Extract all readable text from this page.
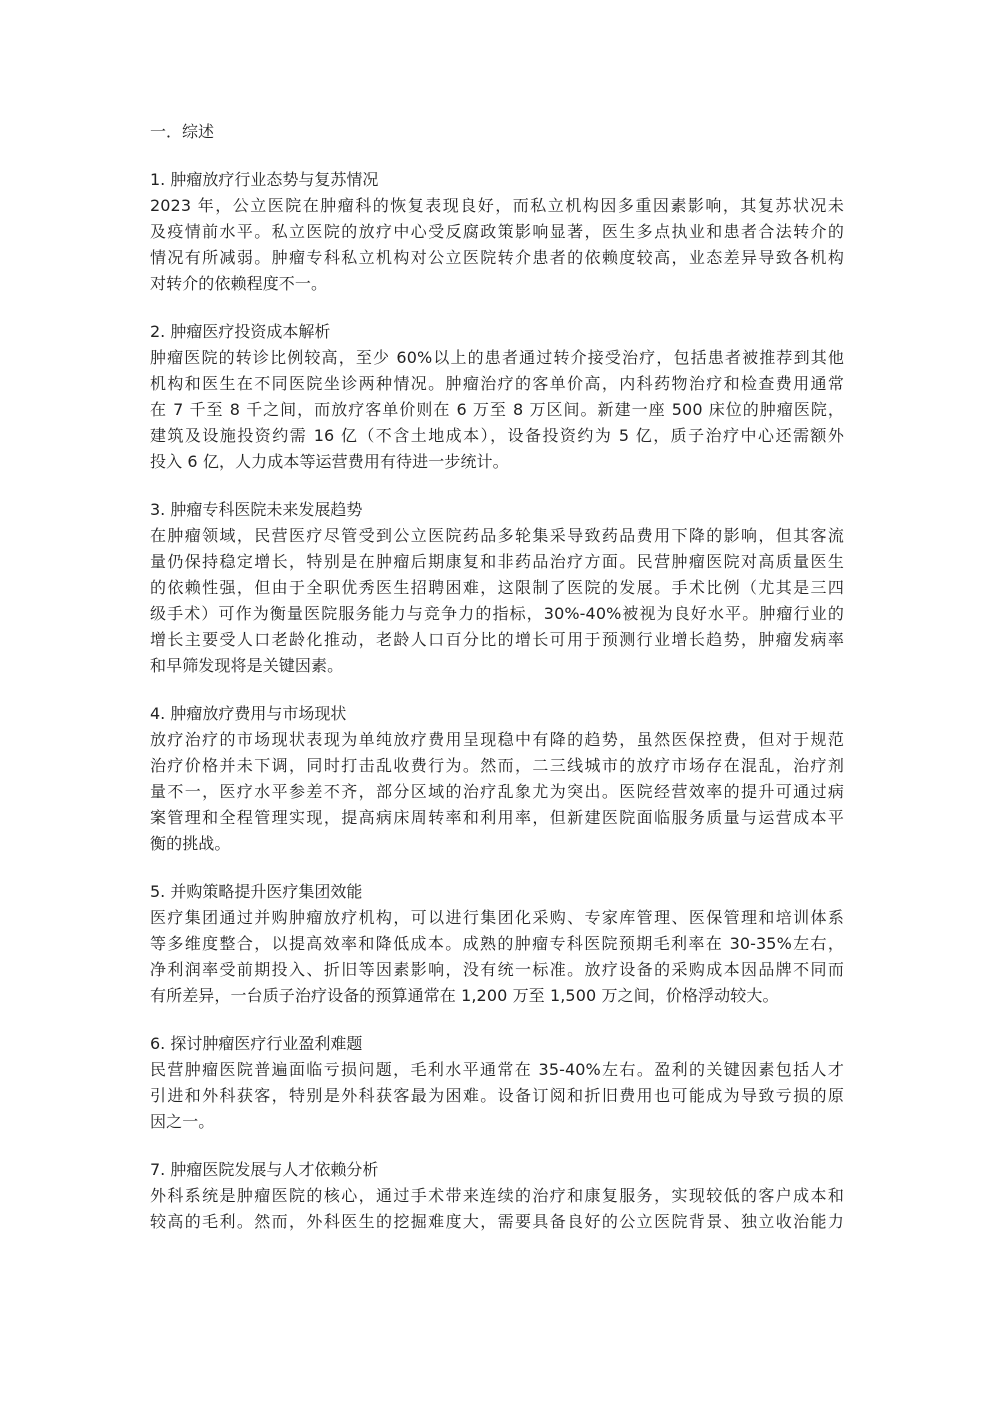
一．综述
1. 肿瘤放疗行业态势与复苏情况
2023 年，公立医院在肿瘤科的恢复表现良好，而私立机构因多重因素影响，其复苏状况未
及疫情前水平。私立医院的放疗中心受反腐政策影响显著，医生多点执业和患者合法转介的
情况有所减弱。肿瘤专科私立机构对公立医院转介患者的依赖度较高，业态差异导致各机构
对转介的依赖程度不一。
2. 肿瘤医疗投资成本解析
肿瘤医院的转诊比例较高，至少 60%以上的患者通过转介接受治疗，包括患者被推荐到其他
机构和医生在不同医院坐诊两种情况。肿瘤治疗的客单价高，内科药物治疗和检查费用通常
在 7 千至 8 千之间，而放疗客单价则在 6 万至 8 万区间。新建一座 500 床位的肿瘤医院，
建筑及设施投资约需 16 亿（不含土地成本），设备投资约为 5 亿，质子治疗中心还需额外
投入 6 亿，人力成本等运营费用有待进一步统计。
3. 肿瘤专科医院未来发展趋势
在肿瘤领域，民营医疗尽管受到公立医院药品多轮集采导致药品费用下降的影响，但其客流
量仍保持稳定增长，特别是在肿瘤后期康复和非药品治疗方面。民营肿瘤医院对高质量医生
的依赖性强，但由于全职优秀医生招聘困难，这限制了医院的发展。手术比例（尤其是三四
级手术）可作为衡量医院服务能力与竞争力的指标，30%-40%被视为良好水平。肿瘤行业的
增长主要受人口老龄化推动，老龄人口百分比的增长可用于预测行业增长趋势，肿瘤发病率
和早筛发现将是关键因素。
4. 肿瘤放疗费用与市场现状
放疗治疗的市场现状表现为单纯放疗费用呈现稳中有降的趋势，虽然医保控费，但对于规范
治疗价格并未下调，同时打击乱收费行为。然而，二三线城市的放疗市场存在混乱，治疗剂
量不一，医疗水平参差不齐，部分区域的治疗乱象尤为突出。医院经营效率的提升可通过病
案管理和全程管理实现，提高病床周转率和利用率，但新建医院面临服务质量与运营成本平
衡的挑战。
5. 并购策略提升医疗集团效能
医疗集团通过并购肿瘤放疗机构，可以进行集团化采购、专家库管理、医保管理和培训体系
等多维度整合，以提高效率和降低成本。成熟的肿瘤专科医院预期毛利率在 30-35%左右，
净利润率受前期投入、折旧等因素影响，没有统一标准。放疗设备的采购成本因品牌不同而
有所差异，一台质子治疗设备的预算通常在 1,200 万至 1,500 万之间，价格浮动较大。
6. 探讨肿瘤医疗行业盈利难题
民营肿瘤医院普遍面临亏损问题，毛利水平通常在 35-40%左右。盈利的关键因素包括人才
引进和外科获客，特别是外科获客最为困难。设备订阅和折旧费用也可能成为导致亏损的原
因之一。
7. 肿瘤医院发展与人才依赖分析
外科系统是肿瘤医院的核心，通过手术带来连续的治疗和康复服务，实现较低的客户成本和
较高的毛利。然而，外科医生的挖掘难度大，需要具备良好的公立医院背景、独立收治能力
